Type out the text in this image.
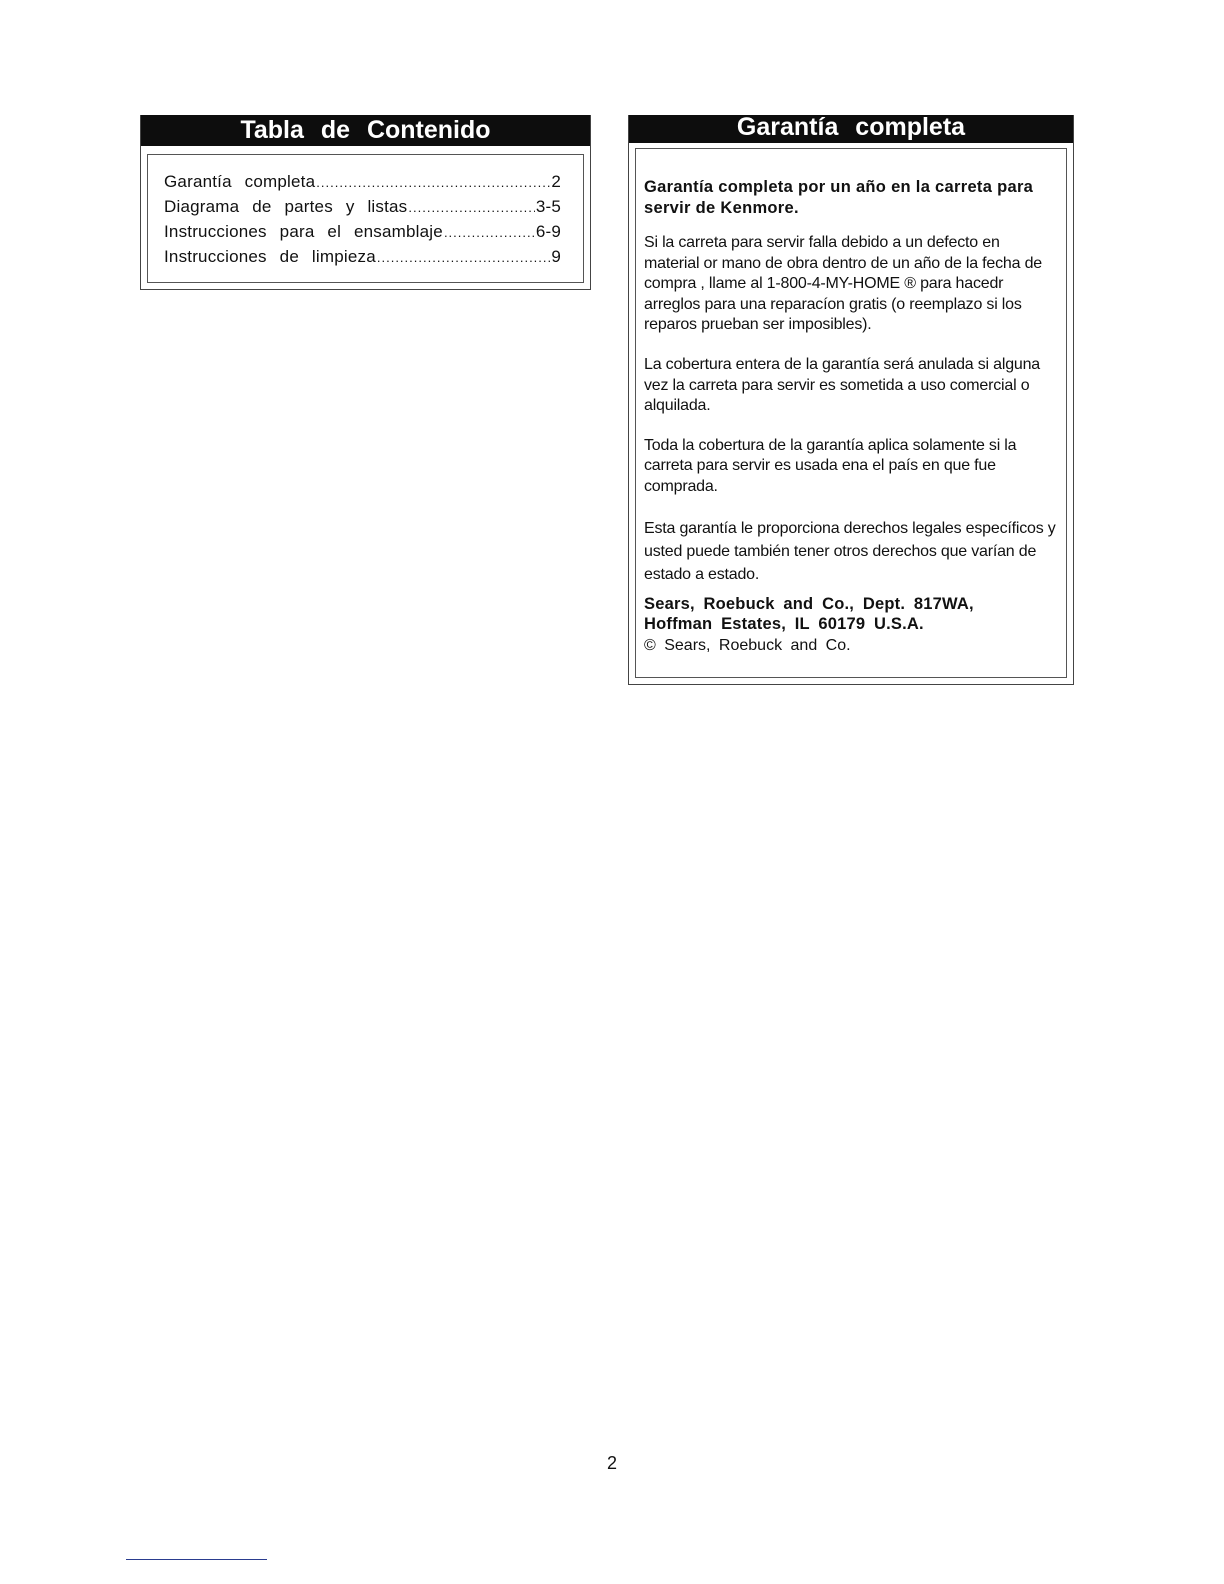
Tabla de Contenido
Garantía completa .....	2
Diagrama de partes y listas .....	3-5
Instrucciones para el ensamblaje .....	6-9
Instrucciones de limpieza .....	9
Garantía completa

Garantía completa por un año en la carreta para servir de Kenmore.

Si la carreta para servir falla debido a un defecto en material or mano de obra dentro de un año de la fecha de compra , llame al 1-800-4-MY-HOME ® para hacedr arreglos para una reparacíon gratis (o reemplazo si los reparos prueban ser imposibles).

La cobertura entera de la garantía será anulada si alguna vez la carreta para servir es sometida a uso comercial o alquilada.

Toda la cobertura de la garantía aplica solamente si la carreta para servir es usada ena el país en que fue comprada.

Esta garantía le proporciona derechos legales específicos y usted puede también tener otros derechos que varían de estado a estado.

Sears, Roebuck and Co., Dept. 817WA,

Hoffman Estates, IL 60179 U.S.A.

© Sears, Roebuck and Co.

2
